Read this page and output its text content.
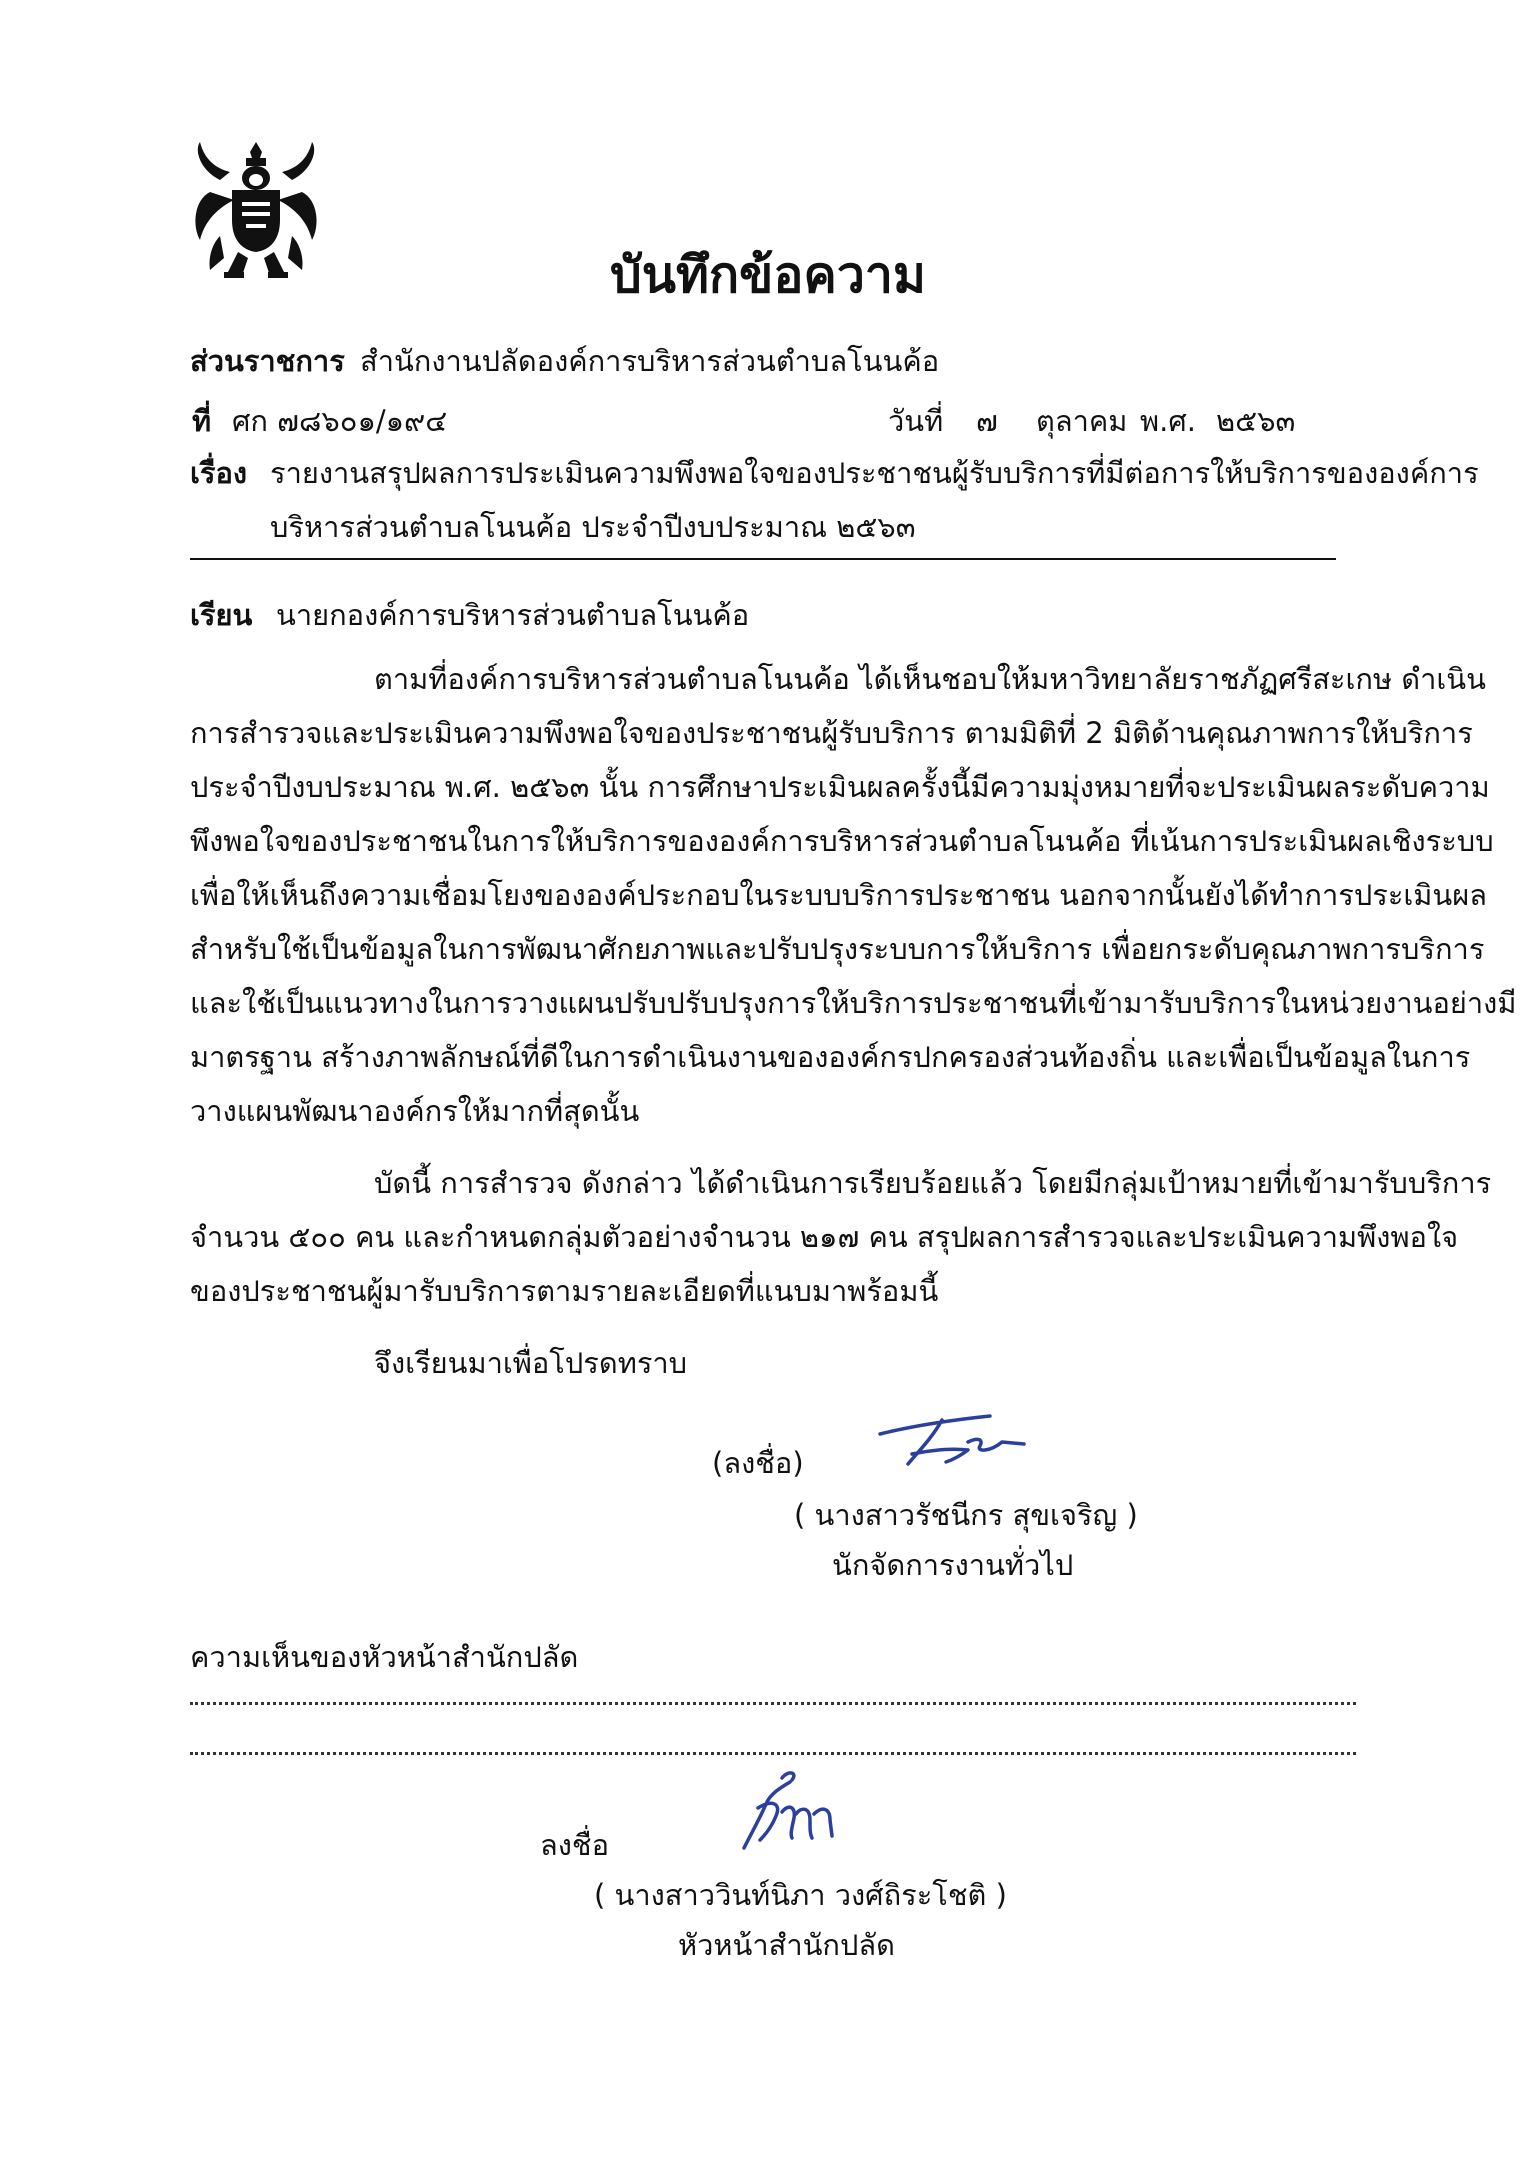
บันทึกข้อความ
ส่วนราชการ สำนักงานปลัดองค์การบริหารส่วนตำบลโนนค้อ
ที่ ศก ๗๘๖๐๑/๑๙๔	วันที่ ๗ ตุลาคม พ.ศ. ๒๕๖๓
เรื่อง รายงานสรุปผลการประเมินความพึงพอใจของประชาชนผู้รับบริการที่มีต่อการให้บริการขององค์การ
บริหารส่วนตำบลโนนค้อ ประจำปีงบประมาณ ๒๕๖๓
เรียน นายกองค์การบริหารส่วนตำบลโนนค้อ
ตามที่องค์การบริหารส่วนตำบลโนนค้อ ได้เห็นชอบให้มหาวิทยาลัยราชภัฏศรีสะเกษ ดำเนิน
การสำรวจและประเมินความพึงพอใจของประชาชนผู้รับบริการ ตามมิติที่ 2 มิติด้านคุณภาพการให้บริการ
ประจำปีงบประมาณ พ.ศ. ๒๕๖๓ นั้น การศึกษาประเมินผลครั้งนี้มีความมุ่งหมายที่จะประเมินผลระดับความ
พึงพอใจของประชาชนในการให้บริการขององค์การบริหารส่วนตำบลโนนค้อ ที่เน้นการประเมินผลเชิงระบบ
เพื่อให้เห็นถึงความเชื่อมโยงขององค์ประกอบในระบบบริการประชาชน นอกจากนั้นยังได้ทำการประเมินผล
สำหรับใช้เป็นข้อมูลในการพัฒนาศักยภาพและปรับปรุงระบบการให้บริการ เพื่อยกระดับคุณภาพการบริการ
และใช้เป็นแนวทางในการวางแผนปรับปรับปรุงการให้บริการประชาชนที่เข้ามารับบริการในหน่วยงานอย่างมี
มาตรฐาน สร้างภาพลักษณ์ที่ดีในการดำเนินงานขององค์กรปกครองส่วนท้องถิ่น และเพื่อเป็นข้อมูลในการ
วางแผนพัฒนาองค์กรให้มากที่สุดนั้น
บัดนี้ การสำรวจ ดังกล่าว ได้ดำเนินการเรียบร้อยแล้ว โดยมีกลุ่มเป้าหมายที่เข้ามารับบริการ
จำนวน ๕๐๐ คน และกำหนดกลุ่มตัวอย่างจำนวน ๒๑๗ คน สรุปผลการสำรวจและประเมินความพึงพอใจ
ของประชาชนผู้มารับบริการตามรายละเอียดที่แนบมาพร้อมนี้
จึงเรียนมาเพื่อโปรดทราบ
(ลงชื่อ)
( นางสาวรัชนีกร สุขเจริญ )
นักจัดการงานทั่วไป
ความเห็นของหัวหน้าสำนักปลัด
ลงชื่อ
( นางสาววินท์นิภา วงศ์ถิระโชติ )
หัวหน้าสำนักปลัด
